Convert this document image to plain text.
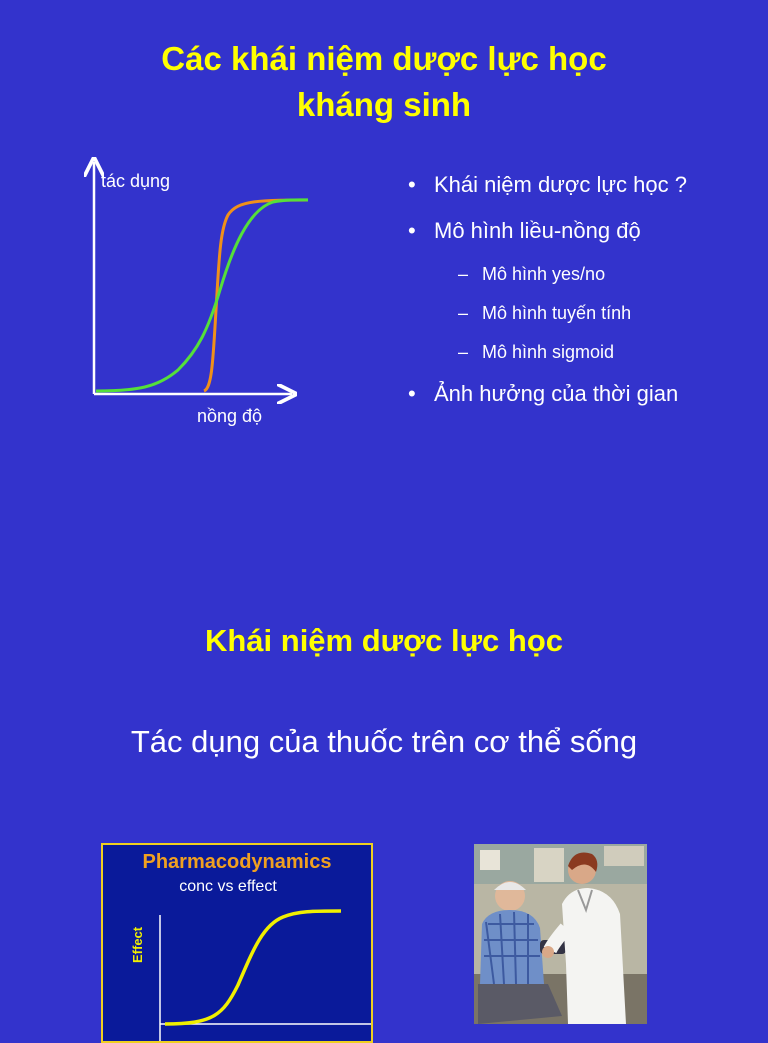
Các khái niệm dược lực học
kháng sinh
tác dụng
nồng độ
• Khái niệm dược lực học ?
• Mô hình liều-nồng độ
– Mô hình yes/no
– Mô hình tuyến tính
– Mô hình sigmoid
• Ảnh hưởng của thời gian
Khái niệm dược lực học
Tác dụng của thuốc trên cơ thể sống
Pharmacodynamics
conc vs effect
Effect
